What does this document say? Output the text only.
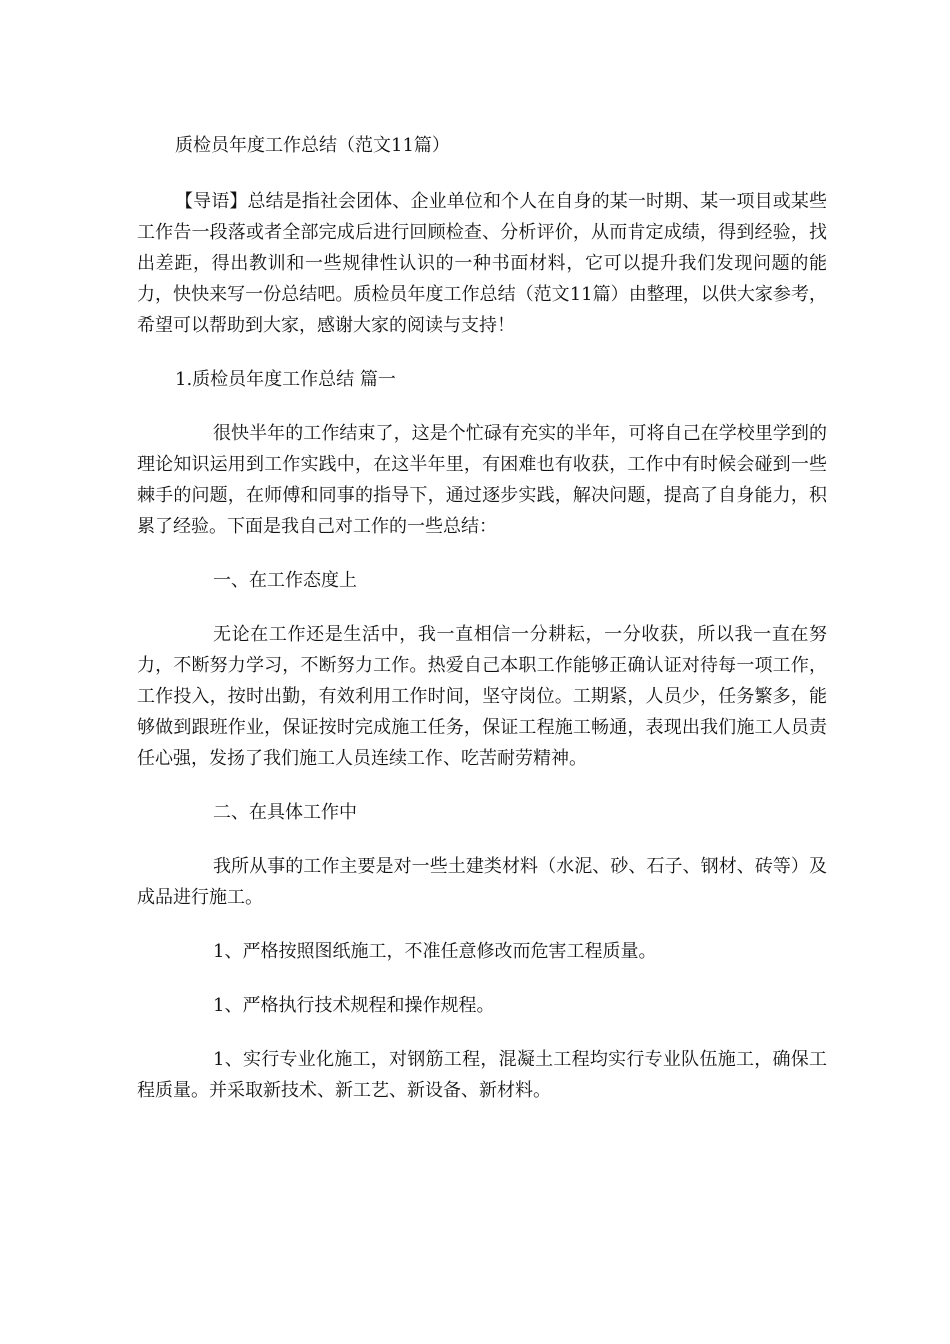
质检员年度工作总结（范文11篇）

【导语】总结是指社会团体、企业单位和个人在自身的某一时期、某一项目或某些工作告一段落或者全部完成后进行回顾检查、分析评价，从而肯定成绩，得到经验，找出差距，得出教训和一些规律性认识的一种书面材料，它可以提升我们发现问题的能力，快快来写一份总结吧。质检员年度工作总结（范文11篇）由整理，以供大家参考，希望可以帮助到大家，感谢大家的阅读与支持！

1.质检员年度工作总结 篇一

很快半年的工作结束了，这是个忙碌有充实的半年，可将自己在学校里学到的理论知识运用到工作实践中，在这半年里，有困难也有收获，工作中有时候会碰到一些棘手的问题，在师傅和同事的指导下，通过逐步实践，解决问题，提高了自身能力，积累了经验。下面是我自己对工作的一些总结：

一、在工作态度上

无论在工作还是生活中，我一直相信一分耕耘，一分收获，所以我一直在努力，不断努力学习，不断努力工作。热爱自己本职工作能够正确认证对待每一项工作，工作投入，按时出勤，有效利用工作时间，坚守岗位。工期紧，人员少，任务繁多，能够做到跟班作业，保证按时完成施工任务，保证工程施工畅通，表现出我们施工人员责任心强，发扬了我们施工人员连续工作、吃苦耐劳精神。

二、在具体工作中

我所从事的工作主要是对一些土建类材料（水泥、砂、石子、钢材、砖等）及成品进行施工。

1、严格按照图纸施工，不准任意修改而危害工程质量。

1、严格执行技术规程和操作规程。

1、实行专业化施工，对钢筋工程，混凝土工程均实行专业队伍施工，确保工程质量。并采取新技术、新工艺、新设备、新材料。
